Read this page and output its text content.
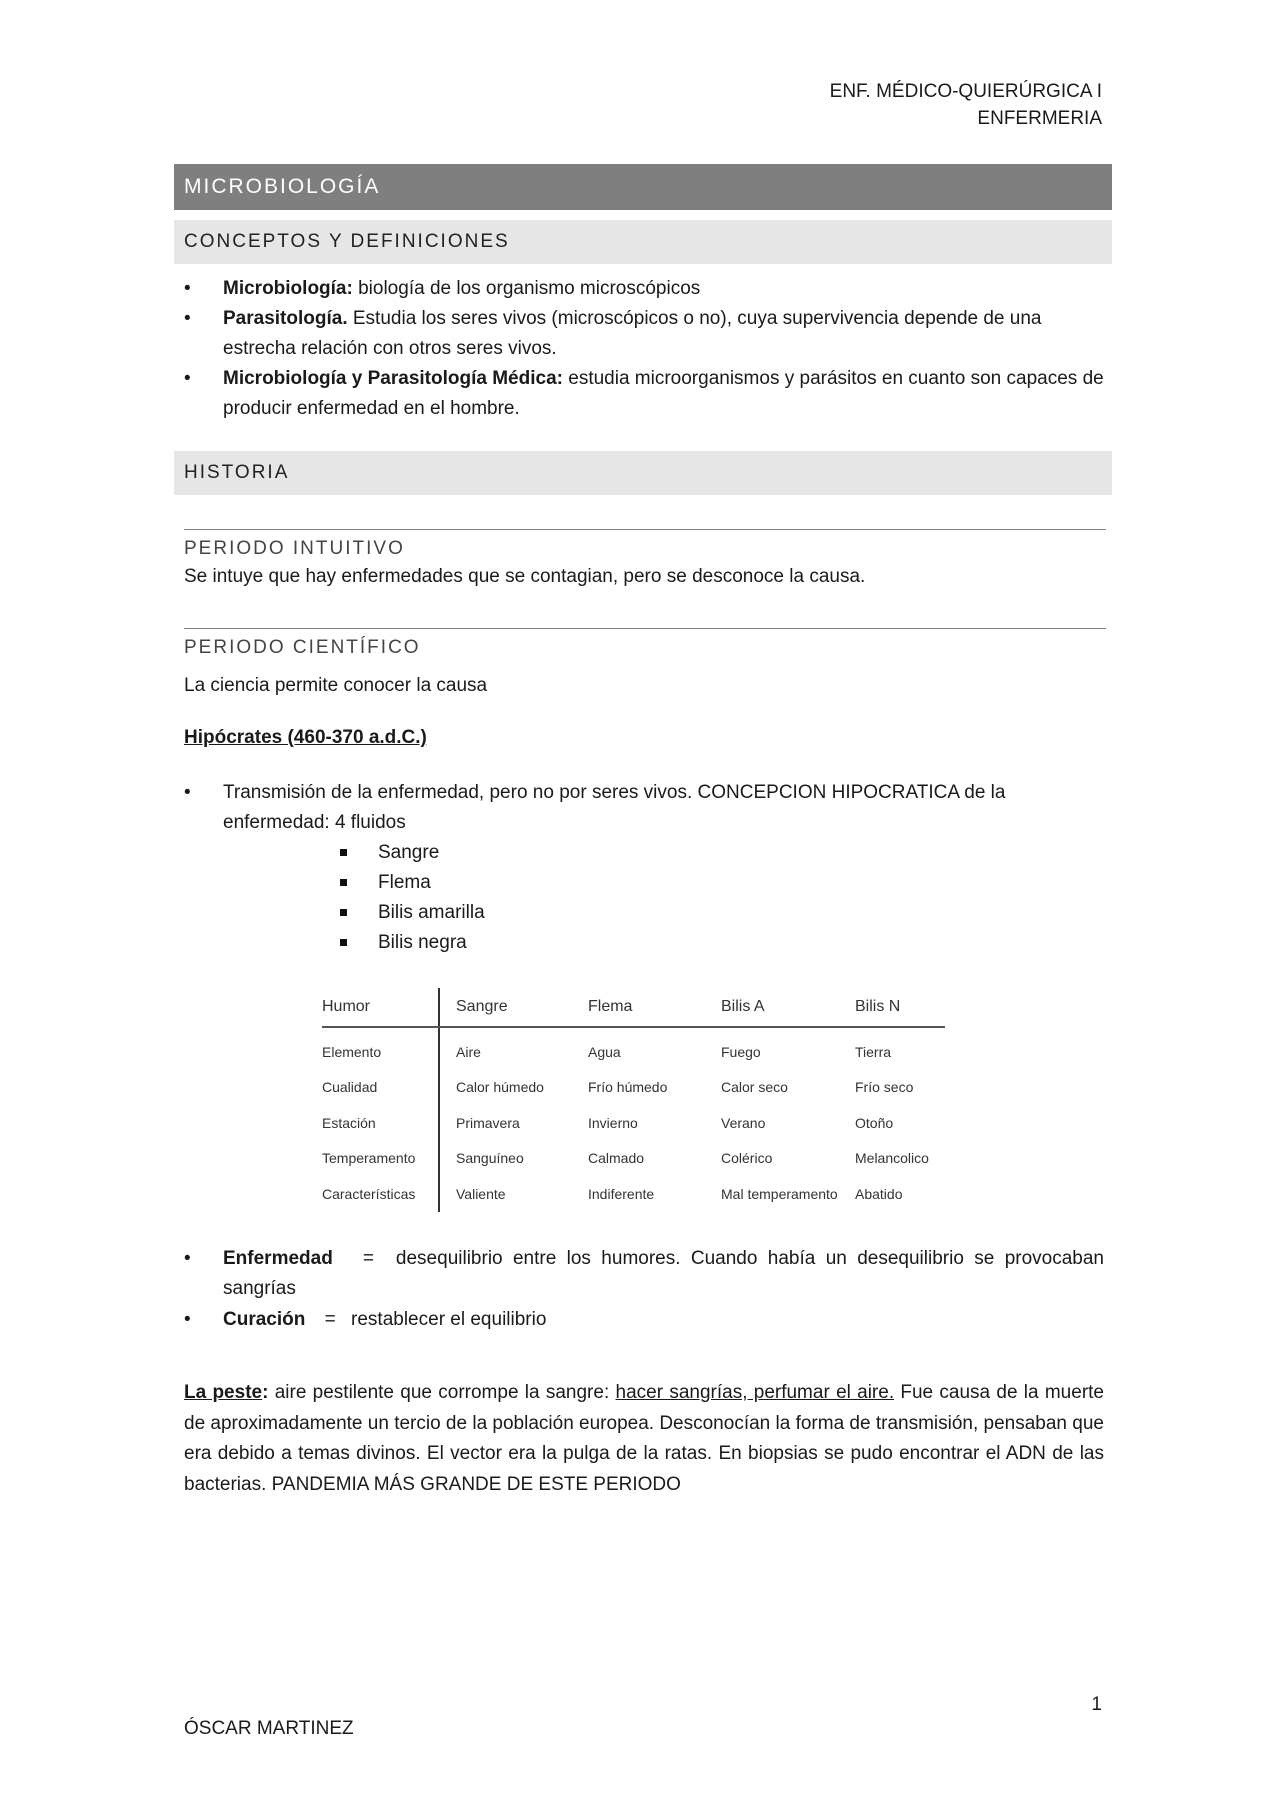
ENF. MÉDICO-QUIERÚRGICA I
ENFERMERIA
MICROBIOLOGÍA
CONCEPTOS Y DEFINICIONES
• Microbiología: biología de los organismo microscópicos
• Parasitología. Estudia los seres vivos (microscópicos o no), cuya supervivencia depende de una estrecha relación con otros seres vivos.
• Microbiología y Parasitología Médica: estudia microorganismos y parásitos en cuanto son capaces de producir enfermedad en el hombre.
HISTORIA
PERIODO INTUITIVO
Se intuye que hay enfermedades que se contagian, pero se desconoce la causa.
PERIODO CIENTÍFICO
La ciencia permite conocer la causa
Hipócrates (460-370 a.d.C.)
• Transmisión de la enfermedad, pero no por seres vivos. CONCEPCION HIPOCRATICA de la enfermedad: 4 fluidos
Sangre
Flema
Bilis amarilla
Bilis negra
Humor	Sangre	Flema	Bilis A	Bilis N
Elemento	Aire	Agua	Fuego	Tierra
Cualidad	Calor húmedo	Frío húmedo	Calor seco	Frío seco
Estación	Primavera	Invierno	Verano	Otoño
Temperamento	Sanguíneo	Calmado	Colérico	Melancolico
Características	Valiente	Indiferente	Mal temperamento	Abatido
• Enfermedad = desequilibrio entre los humores. Cuando había un desequilibrio se provocaban
sangrías
•	Curación = restablecer el equilibrio
La peste: aire pestilente que corrompe la sangre: hacer sangrías, perfumar el aire. Fue causa de la muerte de aproximadamente un tercio de la población europea. Desconocían la forma de transmisión, pensaban que era debido a temas divinos. El vector era la pulga de la ratas. En biopsias se pudo encontrar el ADN de las bacterias. PANDEMIA MÁS GRANDE DE ESTE PERIODO
1
ÓSCAR MARTINEZ
